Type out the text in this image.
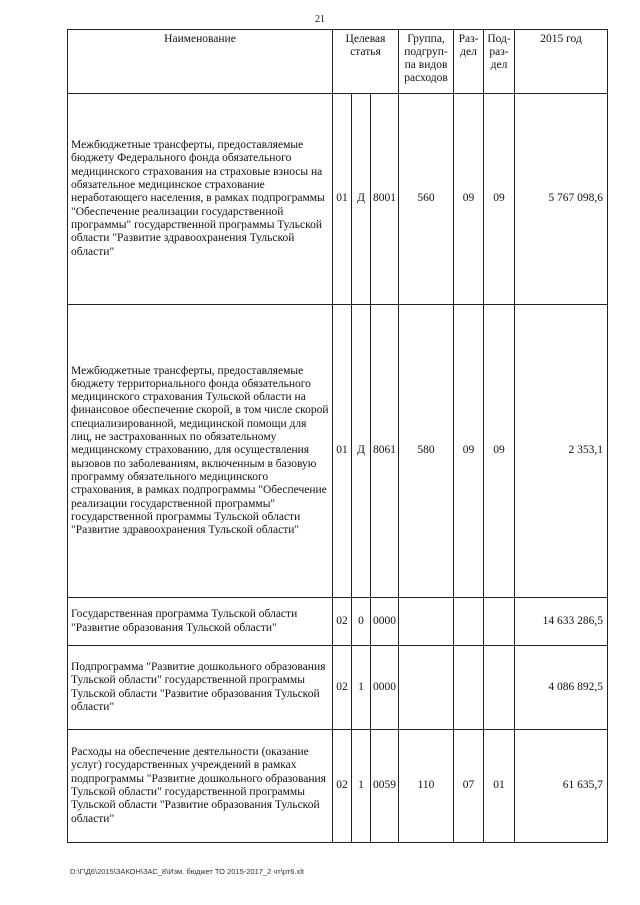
21
Наименование	Целевая статья			Группа, подгруп-па видов расходов	Раз-дел	Под-раз-дел	2015 год
Межбюджетные трансферты, предоставляемые бюджету Федерального фонда обязательного медицинского страхования на страховые взносы на обязательное медицинское страхование неработающего населения, в рамках подпрограммы "Обеспечение реализации государственной программы" государственной программы Тульской области "Развитие здравоохранения Тульской области"	01	Д	8001	560	09	09	5 767 098,6
Межбюджетные трансферты, предоставляемые бюджету территориального фонда обязательного медицинского страхования Тульской области на финансовое обеспечение скорой, в том числе скорой специализированной, медицинской помощи для лиц, не застрахованных по обязательному медицинскому страхованию, для осуществления вызовов по заболеваниям, включенным в базовую программу обязательного медицинского страхования, в рамках подпрограммы "Обеспечение реализации государственной программы" государственной программы Тульской области "Развитие здравоохранения Тульской области"	01	Д	8061	580	09	09	2 353,1
Государственная программа Тульской области "Развитие образования Тульской области"	02	0	0000				14 633 286,5
Подпрограмма "Развитие дошкольного образования Тульской области" государственной программы Тульской области "Развитие образования Тульской области"	02	1	0000				4 086 892,5
Расходы на обеспечение деятельности (оказание услуг) государственных учреждений в рамках подпрограммы "Развитие дошкольного образования Тульской области" государственной программы Тульской области "Развитие образования Тульской области"	02	1	0059	110	07	01	61 635,7
D:\Г\Д6\2015\ЗАКОН\ЗАС_8\Изм. бюджет ТО 2015-2017_2 чт\рт6.xlt
